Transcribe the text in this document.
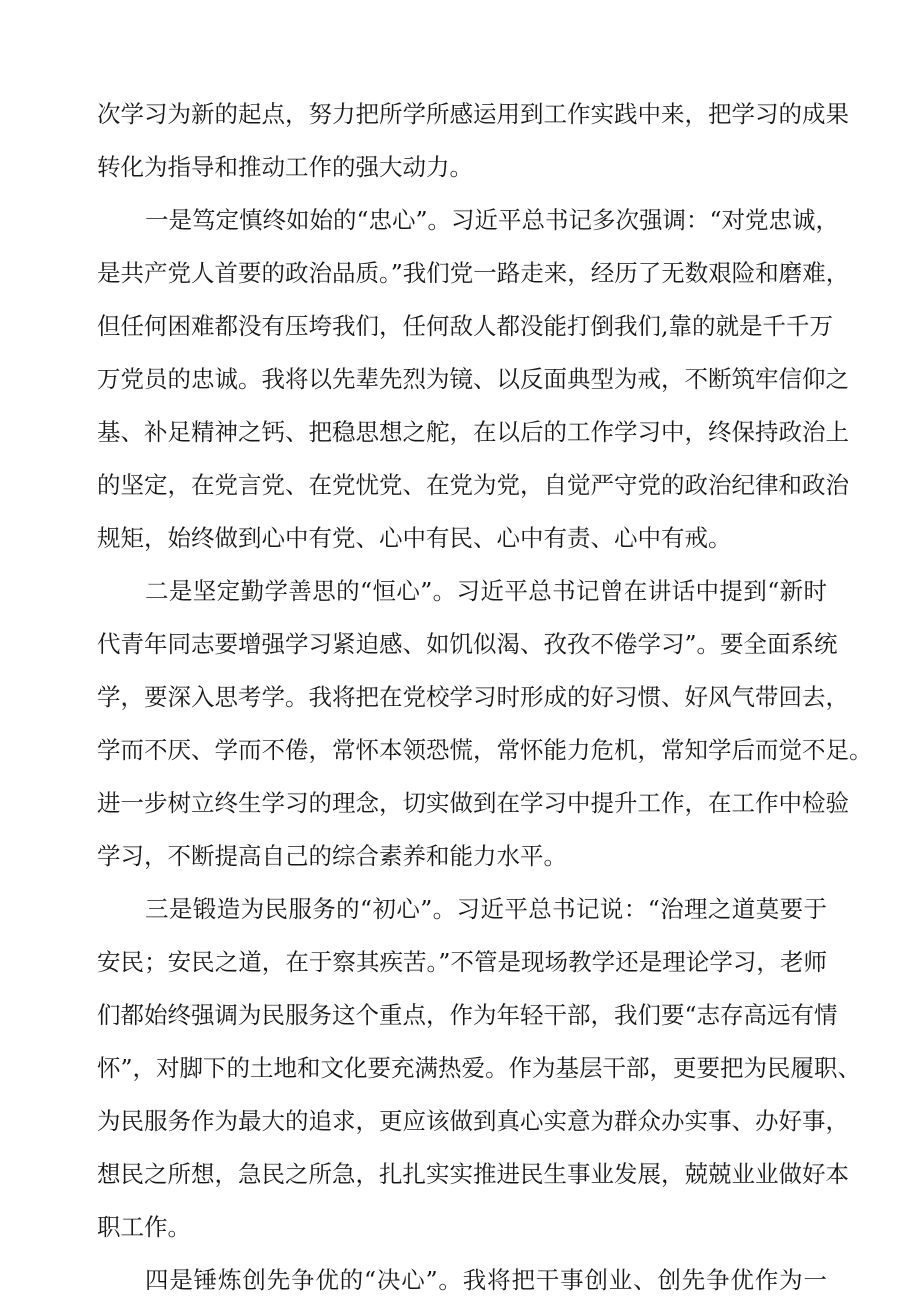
次学习为新的起点，努力把所学所感运用到工作实践中来，把学习的成果
转化为指导和推动工作的强大动力。
一是笃定慎终如始的“忠心”。习近平总书记多次强调：“对党忠诚，
是共产党人首要的政治品质。”我们党一路走来，经历了无数艰险和磨难，
但任何困难都没有压垮我们，任何敌人都没能打倒我们,靠的就是千千万
万党员的忠诚。我将以先辈先烈为镜、以反面典型为戒，不断筑牢信仰之
基、补足精神之钙、把稳思想之舵，在以后的工作学习中，终保持政治上
的坚定，在党言党、在党忧党、在党为党，自觉严守党的政治纪律和政治
规矩，始终做到心中有党、心中有民、心中有责、心中有戒。
二是坚定勤学善思的“恒心”。习近平总书记曾在讲话中提到“新时
代青年同志要增强学习紧迫感、如饥似渴、孜孜不倦学习”。要全面系统
学，要深入思考学。我将把在党校学习时形成的好习惯、好风气带回去，
学而不厌、学而不倦，常怀本领恐慌，常怀能力危机，常知学后而觉不足。
进一步树立终生学习的理念，切实做到在学习中提升工作，在工作中检验
学习，不断提高自己的综合素养和能力水平。
三是锻造为民服务的“初心”。习近平总书记说：“治理之道莫要于
安民；安民之道，在于察其疾苦。”不管是现场教学还是理论学习，老师
们都始终强调为民服务这个重点，作为年轻干部，我们要“志存高远有情
怀”，对脚下的土地和文化要充满热爱。作为基层干部，更要把为民履职、
为民服务作为最大的追求，更应该做到真心实意为群众办实事、办好事，
想民之所想，急民之所急，扎扎实实推进民生事业发展，兢兢业业做好本
职工作。
四是锤炼创先争优的“决心”。我将把干事创业、创先争优作为一
